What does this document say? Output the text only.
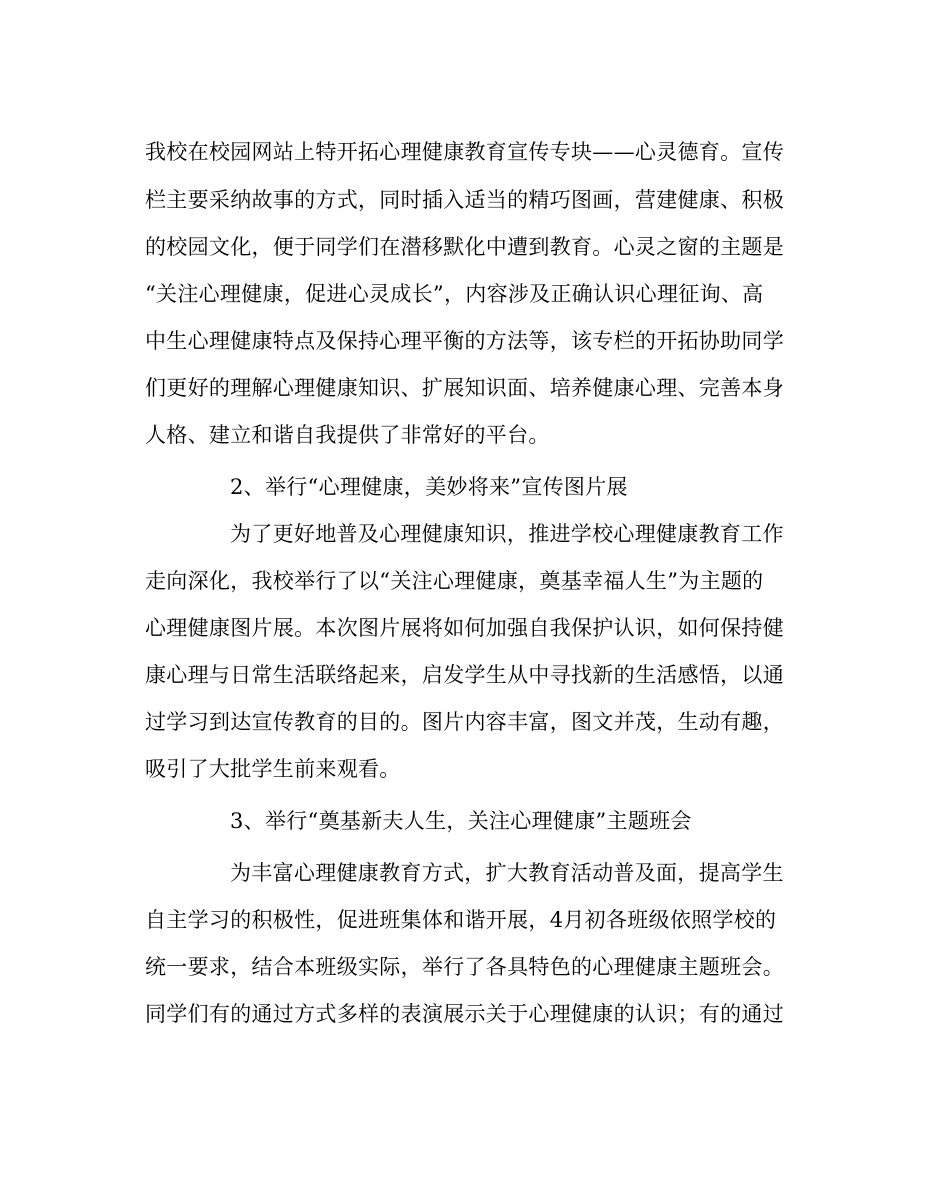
我校在校园网站上特开拓心理健康教育宣传专块——心灵德育。宣传
栏主要采纳故事的方式，同时插入适当的精巧图画，营建健康、积极
的校园文化，便于同学们在潜移默化中遭到教育。心灵之窗的主题是
“关注心理健康，促进心灵成长”，内容涉及正确认识心理征询、高
中生心理健康特点及保持心理平衡的方法等，该专栏的开拓协助同学
们更好的理解心理健康知识、扩展知识面、培养健康心理、完善本身
人格、建立和谐自我提供了非常好的平台。
2、举行“心理健康，美妙将来”宣传图片展
为了更好地普及心理健康知识，推进学校心理健康教育工作
走向深化，我校举行了以“关注心理健康，奠基幸福人生”为主题的
心理健康图片展。本次图片展将如何加强自我保护认识，如何保持健
康心理与日常生活联络起来，启发学生从中寻找新的生活感悟，以通
过学习到达宣传教育的目的。图片内容丰富，图文并茂，生动有趣，
吸引了大批学生前来观看。
3、举行“奠基新夫人生，关注心理健康”主题班会
为丰富心理健康教育方式，扩大教育活动普及面，提高学生
自主学习的积极性，促进班集体和谐开展，4月初各班级依照学校的
统一要求，结合本班级实际，举行了各具特色的心理健康主题班会。
同学们有的通过方式多样的表演展示关于心理健康的认识；有的通过
